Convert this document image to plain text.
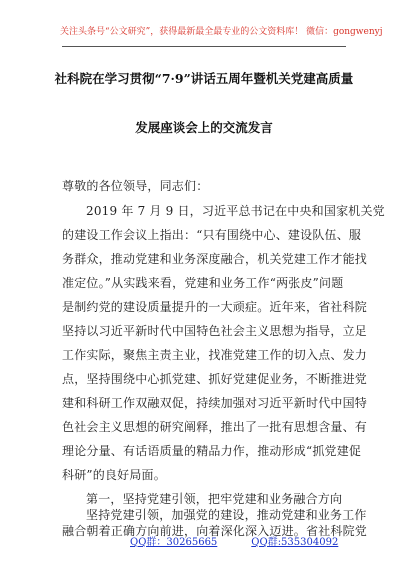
关注头条号“公文研究”，获得最新最全最专业的公文资料库！ 微信：gongwenyj
社科院在学习贯彻“7·9”讲话五周年暨机关党建高质量
发展座谈会上的交流发言
尊敬的各位领导，同志们：
2019 年 7 月 9 日，习近平总书记在中央和国家机关党
的建设工作会议上指出：“只有围绕中心、建设队伍、服
务群众，推动党建和业务深度融合，机关党建工作才能找
准定位。”从实践来看，党建和业务工作“两张皮”问题
是制约党的建设质量提升的一大顽症。近年来，省社科院
坚持以习近平新时代中国特色社会主义思想为指导，立足
工作实际，聚焦主责主业，找准党建工作的切入点、发力
点，坚持围绕中心抓党建、抓好党建促业务，不断推进党
建和科研工作双融双促，持续加强对习近平新时代中国特
色社会主义思想的研究阐释，推出了一批有思想含量、有
理论分量、有话语质量的精品力作，推动形成“抓党建促
科研”的良好局面。
第一，坚持党建引领，把牢党建和业务融合方向
坚持党建引领，加强党的建设，推动党建和业务工作
融合朝着正确方向前进，向着深化深入迈进。省社科院党
QQ群：30265665	QQ群:535304092
